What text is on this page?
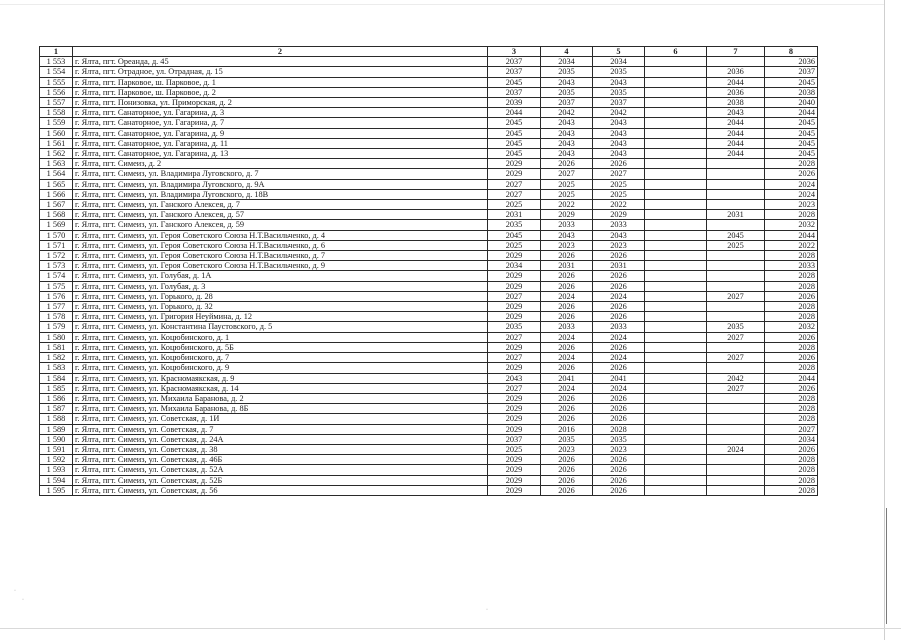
1	2	3	4	5	6	7	8
1 553	г. Ялта, пгт. Ореанда, д. 45	2037	2034	2034			2036
1 554	г. Ялта, пгт. Отрадное, ул. Отрадная, д. 15	2037	2035	2035		2036	2037
1 555	г. Ялта, пгт. Парковое, ш. Парковое, д. 1	2045	2043	2043		2044	2045
1 556	г. Ялта, пгт. Парковое, ш. Парковое, д. 2	2037	2035	2035		2036	2038
1 557	г. Ялта, пгт. Понизовка, ул. Приморская, д. 2	2039	2037	2037		2038	2040
1 558	г. Ялта, пгт. Санаторное, ул. Гагарина, д. 3	2044	2042	2042		2043	2044
1 559	г. Ялта, пгт. Санаторное, ул. Гагарина, д. 7	2045	2043	2043		2044	2045
1 560	г. Ялта, пгт. Санаторное, ул. Гагарина, д. 9	2045	2043	2043		2044	2045
1 561	г. Ялта, пгт. Санаторное, ул. Гагарина, д. 11	2045	2043	2043		2044	2045
1 562	г. Ялта, пгт. Санаторное, ул. Гагарина, д. 13	2045	2043	2043		2044	2045
1 563	г. Ялта, пгт. Симеиз, д. 2	2029	2026	2026			2028
1 564	г. Ялта, пгт. Симеиз, ул. Владимира Луговского, д. 7	2029	2027	2027			2026
1 565	г. Ялта, пгт. Симеиз, ул. Владимира Луговского, д. 9А	2027	2025	2025			2024
1 566	г. Ялта, пгт. Симеиз, ул. Владимира Луговского, д. 18В	2027	2025	2025			2024
1 567	г. Ялта, пгт. Симеиз, ул. Ганского Алексея, д. 7	2025	2022	2022			2023
1 568	г. Ялта, пгт. Симеиз, ул. Ганского Алексея, д. 57	2031	2029	2029		2031	2028
1 569	г. Ялта, пгт. Симеиз, ул. Ганского Алексея, д. 59	2035	2033	2033			2032
1 570	г. Ялта, пгт. Симеиз, ул. Героя Советского Союза Н.Т.Васильченко, д. 4	2045	2043	2043		2045	2044
1 571	г. Ялта, пгт. Симеиз, ул. Героя Советского Союза Н.Т.Васильченко, д. 6	2025	2023	2023		2025	2022
1 572	г. Ялта, пгт. Симеиз, ул. Героя Советского Союза Н.Т.Васильченко, д. 7	2029	2026	2026			2028
1 573	г. Ялта, пгт. Симеиз, ул. Героя Советского Союза Н.Т.Васильченко, д. 9	2034	2031	2031			2033
1 574	г. Ялта, пгт. Симеиз, ул. Голубая, д. 1А	2029	2026	2026			2028
1 575	г. Ялта, пгт. Симеиз, ул. Голубая, д. 3	2029	2026	2026			2028
1 576	г. Ялта, пгт. Симеиз, ул. Горького, д. 28	2027	2024	2024		2027	2026
1 577	г. Ялта, пгт. Симеиз, ул. Горького, д. 32	2029	2026	2026			2028
1 578	г. Ялта, пгт. Симеиз, ул. Григория Неуймина, д. 12	2029	2026	2026			2028
1 579	г. Ялта, пгт. Симеиз, ул. Константина Паустовского, д. 5	2035	2033	2033		2035	2032
1 580	г. Ялта, пгт. Симеиз, ул. Коцюбинского, д. 1	2027	2024	2024		2027	2026
1 581	г. Ялта, пгт. Симеиз, ул. Коцюбинского, д. 5Б	2029	2026	2026			2028
1 582	г. Ялта, пгт. Симеиз, ул. Коцюбинского, д. 7	2027	2024	2024		2027	2026
1 583	г. Ялта, пгт. Симеиз, ул. Коцюбинского, д. 9	2029	2026	2026			2028
1 584	г. Ялта, пгт. Симеиз, ул. Красномаякская, д. 9	2043	2041	2041		2042	2044
1 585	г. Ялта, пгт. Симеиз, ул. Красномаякская, д. 14	2027	2024	2024		2027	2026
1 586	г. Ялта, пгт. Симеиз, ул. Михаила Баранова, д. 2	2029	2026	2026			2028
1 587	г. Ялта, пгт. Симеиз, ул. Михаила Баранова, д. 8Б	2029	2026	2026			2028
1 588	г. Ялта, пгт. Симеиз, ул. Советская, д. 1И	2029	2026	2026			2028
1 589	г. Ялта, пгт. Симеиз, ул. Советская, д. 7	2029	2016	2028			2027
1 590	г. Ялта, пгт. Симеиз, ул. Советская, д. 24А	2037	2035	2035			2034
1 591	г. Ялта, пгт. Симеиз, ул. Советская, д. 38	2025	2023	2023		2024	2026
1 592	г. Ялта, пгт. Симеиз, ул. Советская, д. 46Б	2029	2026	2026			2028
1 593	г. Ялта, пгт. Симеиз, ул. Советская, д. 52А	2029	2026	2026			2028
1 594	г. Ялта, пгт. Симеиз, ул. Советская, д. 52Б	2029	2026	2026			2028
1 595	г. Ялта, пгт. Симеиз, ул. Советская, д. 56	2029	2026	2026			2028
·
·
·
